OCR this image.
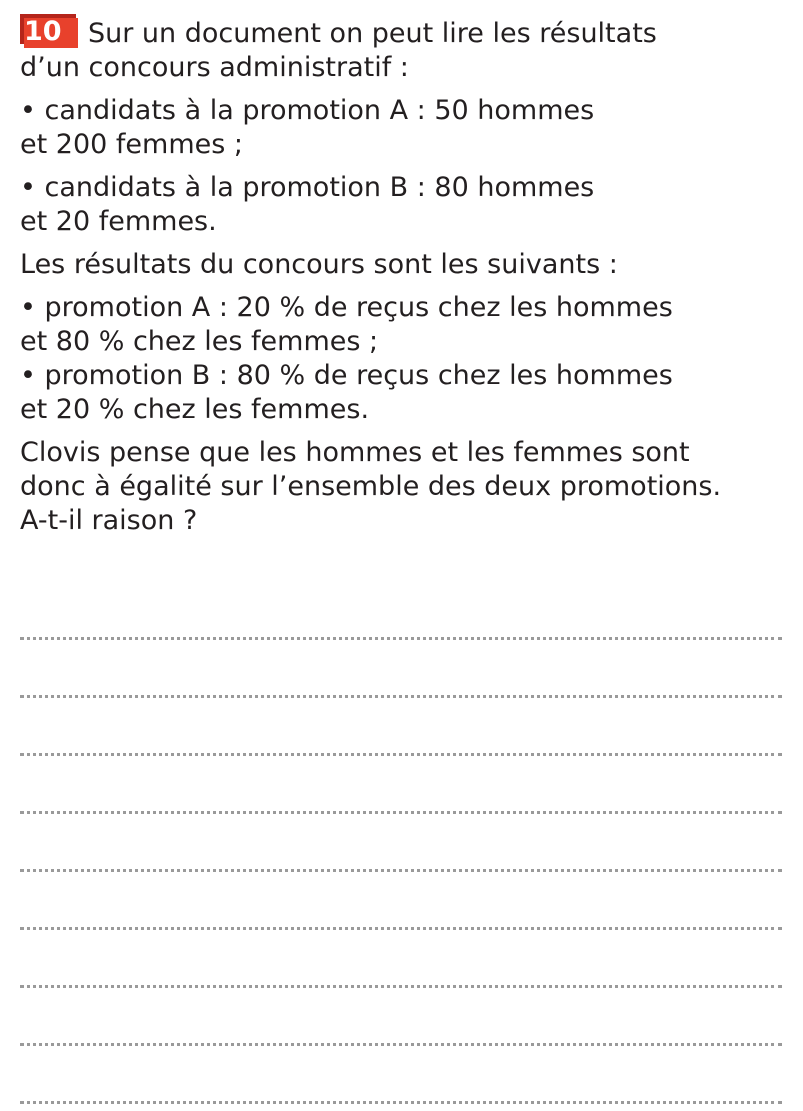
10 Sur un document on peut lire les résultats

d’un concours administratif :

• candidats à la promotion A : 50 hommes

et 200 femmes ;

• candidats à la promotion B : 80 hommes

et 20 femmes.

Les résultats du concours sont les suivants :

• promotion A : 20 % de reçus chez les hommes

et 80 % chez les femmes ;

• promotion B : 80 % de reçus chez les hommes

et 20 % chez les femmes.

Clovis pense que les hommes et les femmes sont

donc à égalité sur l’ensemble des deux promotions.

A-t-il raison ?
